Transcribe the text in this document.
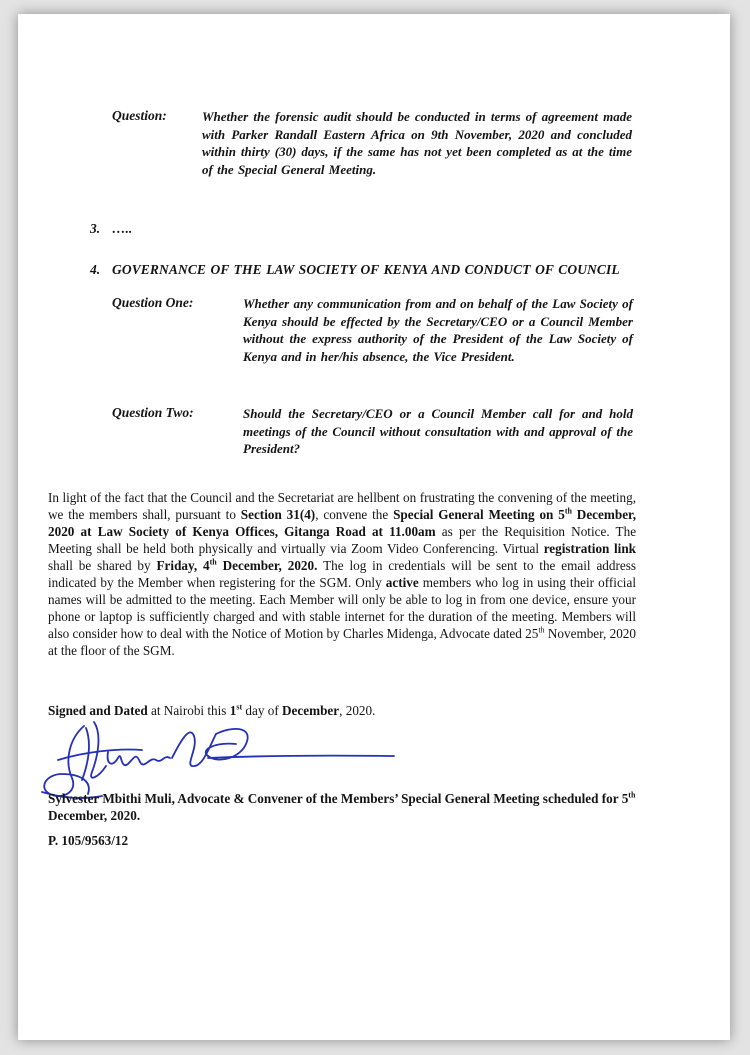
Question:	Whether the forensic audit should be conducted in terms of agreement made with Parker Randall Eastern Africa on 9th November, 2020 and concluded within thirty (30) days, if the same has not yet been completed as at the time of the Special General Meeting.
3. …..
4. GOVERNANCE OF THE LAW SOCIETY OF KENYA AND CONDUCT OF COUNCIL
Question One:	Whether any communication from and on behalf of the Law Society of Kenya should be effected by the Secretary/CEO or a Council Member without the express authority of the President of the Law Society of Kenya and in her/his absence, the Vice President.
Question Two:	Should the Secretary/CEO or a Council Member call for and hold meetings of the Council without consultation with and approval of the President?
In light of the fact that the Council and the Secretariat are hellbent on frustrating the convening of the meeting, we the members shall, pursuant to Section 31(4), convene the Special General Meeting on 5th December, 2020 at Law Society of Kenya Offices, Gitanga Road at 11.00am as per the Requisition Notice. The Meeting shall be held both physically and virtually via Zoom Video Conferencing. Virtual registration link shall be shared by Friday, 4th December, 2020. The log in credentials will be sent to the email address indicated by the Member when registering for the SGM. Only active members who log in using their official names will be admitted to the meeting. Each Member will only be able to log in from one device, ensure your phone or laptop is sufficiently charged and with stable internet for the duration of the meeting. Members will also consider how to deal with the Notice of Motion by Charles Midenga, Advocate dated 25th November, 2020 at the floor of the SGM.
Signed and Dated at Nairobi this 1st day of December, 2020.
Sylvester Mbithi Muli, Advocate & Convener of the Members’ Special General Meeting scheduled for 5th December, 2020.
P. 105/9563/12
